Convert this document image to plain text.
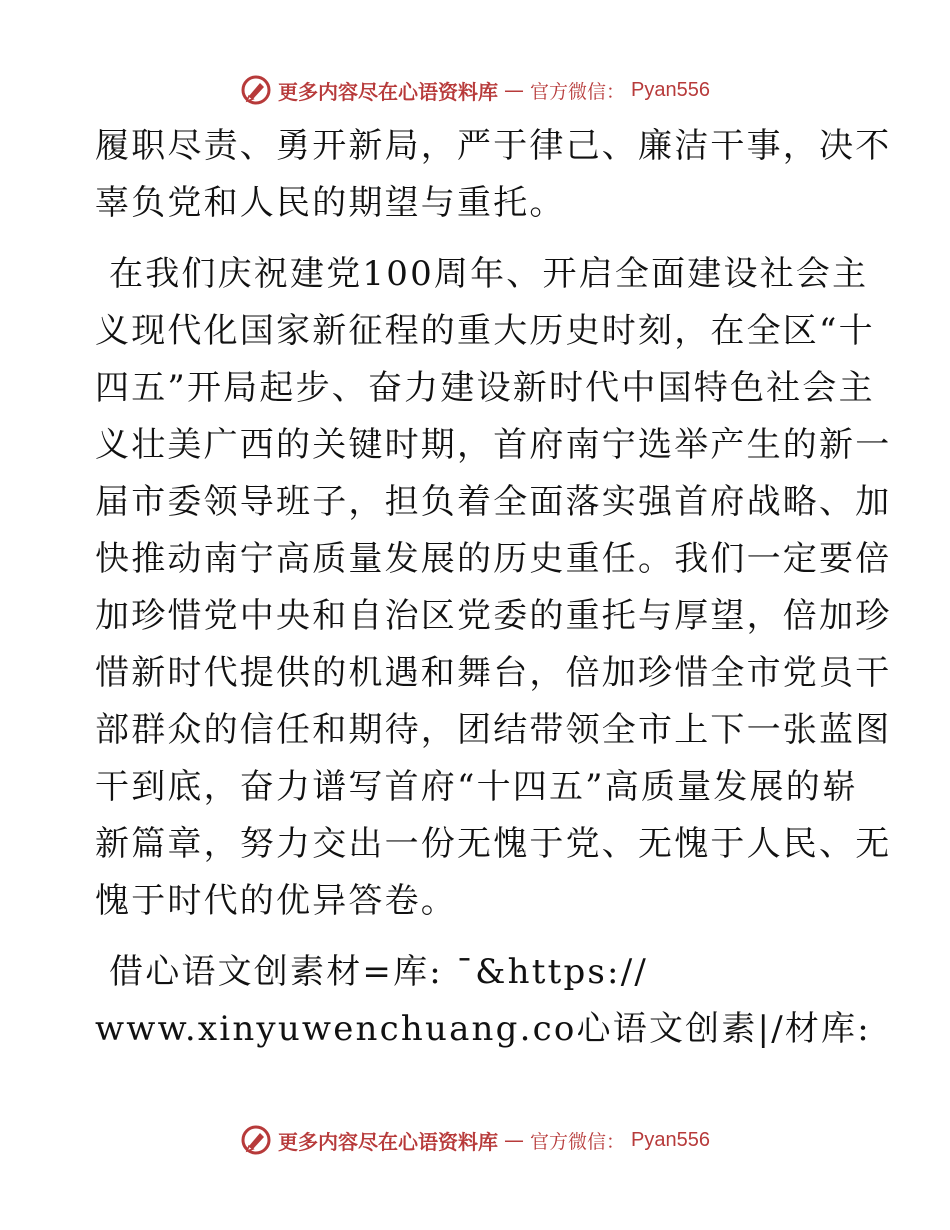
更多内容尽在心语资料库 — 官方微信： Pyan556
履职尽责、勇开新局，严于律己、廉洁干事，决不
辜负党和人民的期望与重托。
在我们庆祝建党100周年、开启全面建设社会主
义现代化国家新征程的重大历史时刻，在全区“十
四五”开局起步、奋力建设新时代中国特色社会主
义壮美广西的关键时期，首府南宁选举产生的新一
届市委领导班子，担负着全面落实强首府战略、加
快推动南宁高质量发展的历史重任。我们一定要倍
加珍惜党中央和自治区党委的重托与厚望，倍加珍
惜新时代提供的机遇和舞台，倍加珍惜全市党员干
部群众的信任和期待，团结带领全市上下一张蓝图
干到底，奋力谱写首府“十四五”高质量发展的崭
新篇章，努力交出一份无愧于党、无愧于人民、无
愧于时代的优异答卷。
借心语文创素材=库: ¯&https://
www.xinyuwenchuang.co心语文创素|/材库:
更多内容尽在心语资料库 — 官方微信： Pyan556
